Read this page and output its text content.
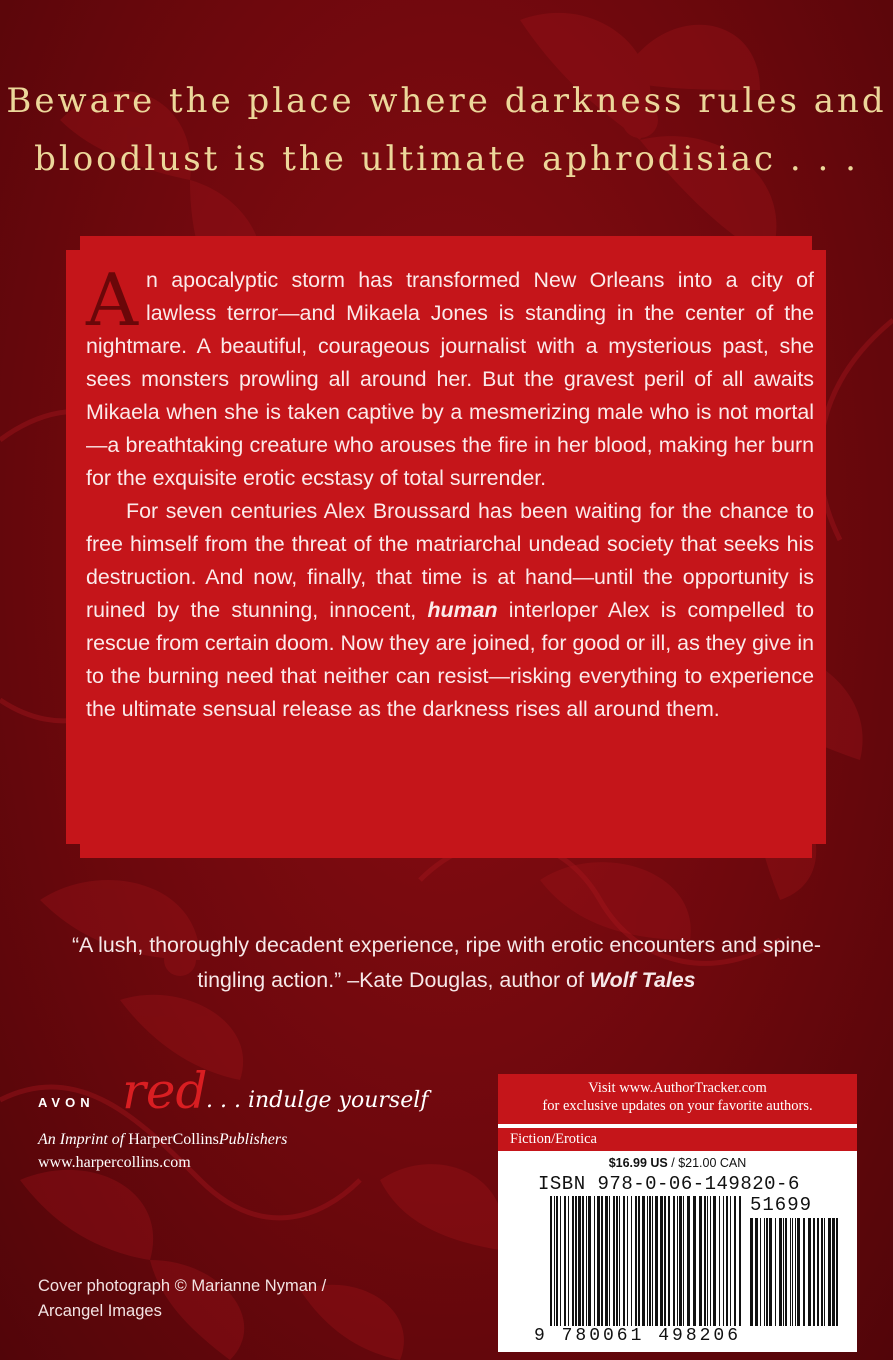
Beware the place where darkness rules and
bloodlust is the ultimate aphrodisiac . . .

An apocalyptic storm has transformed New Orleans into a city of lawless terror—and Mikaela Jones is standing in the center of the nightmare. A beautiful, courageous journalist with a mysterious past, she sees monsters prowling all around her. But the gravest peril of all awaits Mikaela when she is taken captive by a mesmerizing male who is not mortal—a breathtaking creature who arouses the fire in her blood, making her burn for the exquisite erotic ecstasy of total surrender.

For seven centuries Alex Broussard has been waiting for the chance to free himself from the threat of the matriarchal undead society that seeks his destruction. And now, finally, that time is at hand—until the opportunity is ruined by the stunning, innocent, human interloper Alex is compelled to rescue from certain doom. Now they are joined, for good or ill, as they give in to the burning need that neither can resist—risking everything to experience the ultimate sensual release as the darkness rises all around them.

“A lush, thoroughly decadent experience, ripe with erotic encounters and spine-tingling action.” –Kate Douglas, author of Wolf Tales

AVON red
. . . indulge yourself
An Imprint of HarperCollinsPublishers
www.harpercollins.com
Cover photograph © Marianne Nyman /
Arcangel Images
Visit www.AuthorTracker.com
for exclusive updates on your favorite authors.
Fiction/Erotica
$16.99 US / $21.00 CAN
ISBN 978-0-06-149820-6
51699
9 780061 498206
